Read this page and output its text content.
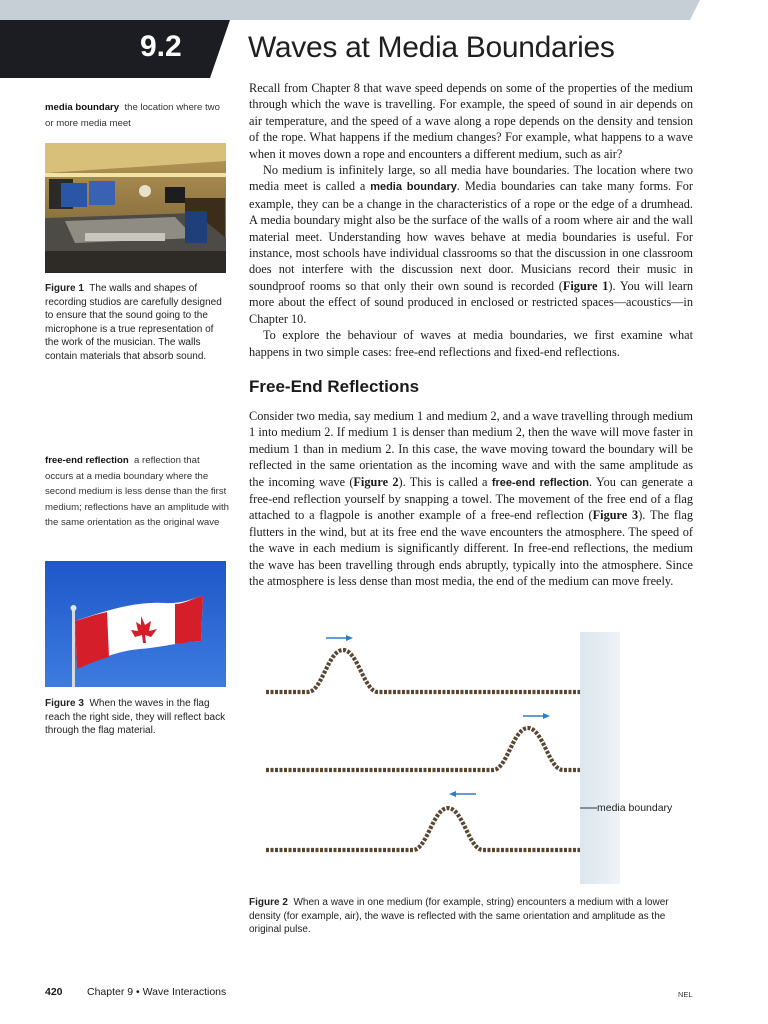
9.2	Waves at Media Boundaries
media boundary the location where two or more media meet
Figure 1 The walls and shapes of recording studios are carefully designed to ensure that the sound going to the microphone is a true representation of the work of the musician. The walls contain materials that absorb sound.
free-end reflection a reflection that occurs at a media boundary where the second medium is less dense than the first medium; reflections have an amplitude with the same orientation as the original wave
Figure 3 When the waves in the flag reach the right side, they will reflect back through the flag material.

Recall from Chapter 8 that wave speed depends on some of the properties of the medium through which the wave is travelling. For example, the speed of sound in air depends on air temperature, and the speed of a wave along a rope depends on the density and tension of the rope. What happens if the medium changes? For example, what happens to a wave when it moves down a rope and encounters a different medium, such as air?

No medium is infinitely large, so all media have boundaries. The location where two media meet is called a media boundary. Media boundaries can take many forms. For example, they can be a change in the characteristics of a rope or the edge of a drumhead. A media boundary might also be the surface of the walls of a room where air and the wall material meet. Understanding how waves behave at media boundaries is useful. For instance, most schools have individual classrooms so that the discussion in one classroom does not interfere with the discussion next door. Musicians record their music in soundproof rooms so that only their own sound is recorded (Figure 1). You will learn more about the effect of sound produced in enclosed or restricted spaces—acoustics—in Chapter 10.

To explore the behaviour of waves at media boundaries, we first examine what happens in two simple cases: free-end reflections and fixed-end reflections.

Free-End Reflections

Consider two media, say medium 1 and medium 2, and a wave travelling through medium 1 into medium 2. If medium 1 is denser than medium 2, then the wave will move faster in medium 1 than in medium 2. In this case, the wave moving toward the boundary will be reflected in the same orientation as the incoming wave and with the same amplitude as the incoming wave (Figure 2). This is called a free-end reflection. You can generate a free-end reflection yourself by snapping a towel. The movement of the free end of a flag attached to a flagpole is another example of a free-end reflection (Figure 3). The flag flutters in the wind, but at its free end the wave encounters the atmosphere. The speed of the wave in each medium is significantly different. In free-end reflections, the medium the wave has been travelling through ends abruptly, typically into the atmosphere. Since the atmosphere is less dense than most media, the end of the medium can move freely.

media boundary
Figure 2 When a wave in one medium (for example, string) encounters a medium with a lower density (for example, air), the wave is reflected with the same orientation and amplitude as the original pulse.
420 Chapter 9 • Wave Interactions	NEL
